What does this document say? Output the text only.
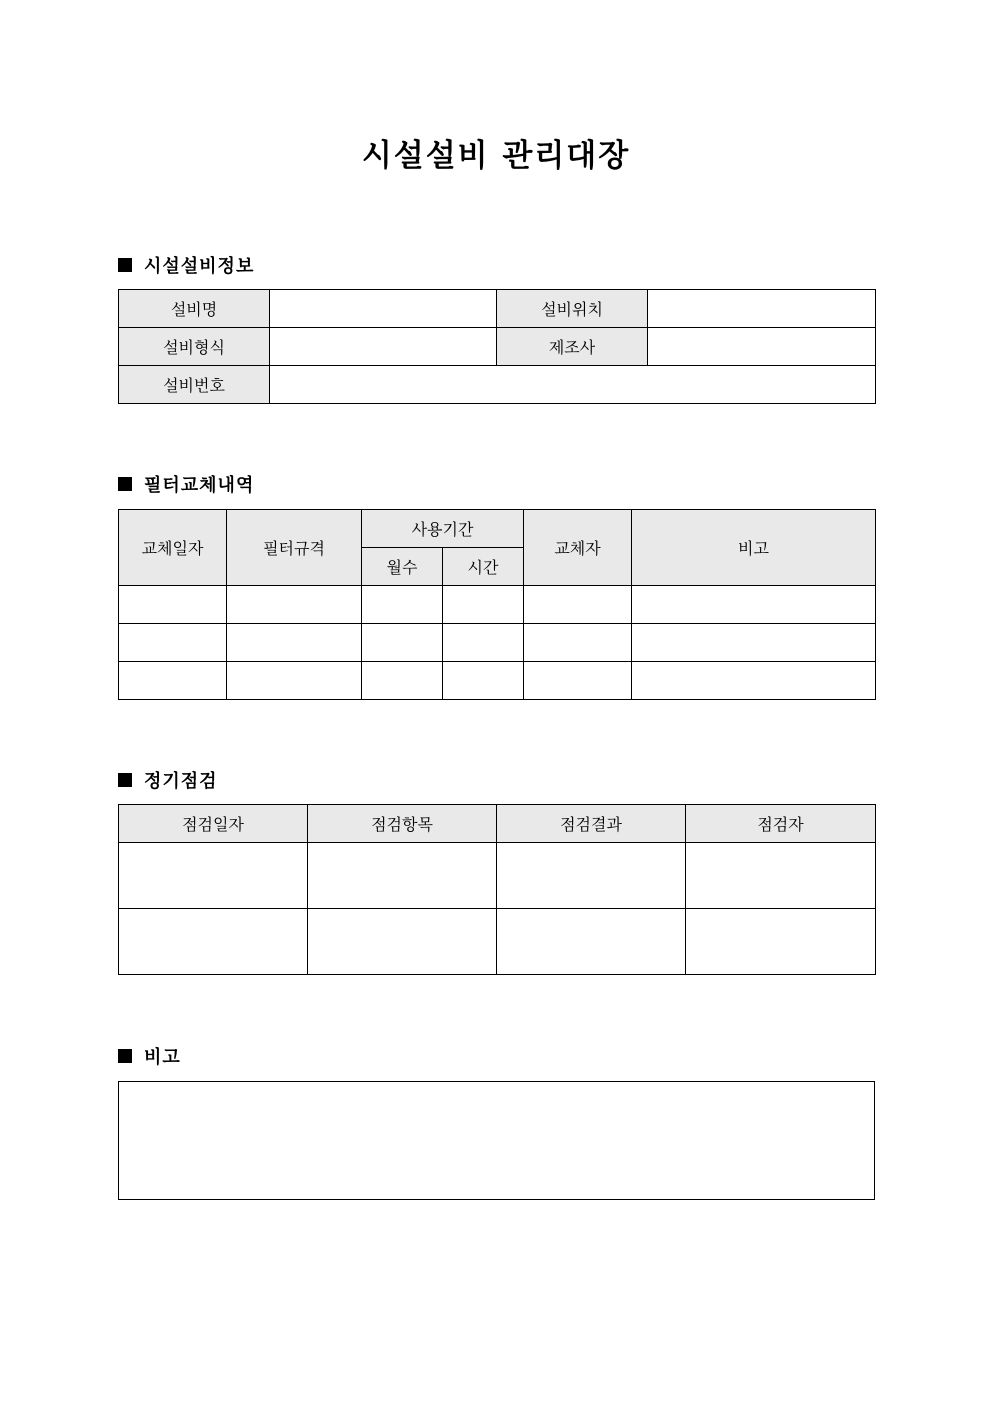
시설설비 관리대장
시설설비정보
설비명		설비위치	
설비형식		제조사	
설비번호			
필터교체내역
교체일자	필터규격	사용기간		교체자	비고
		월수	시간		

정기점검
점검일자	점검항목	점검결과	점검자

비고
